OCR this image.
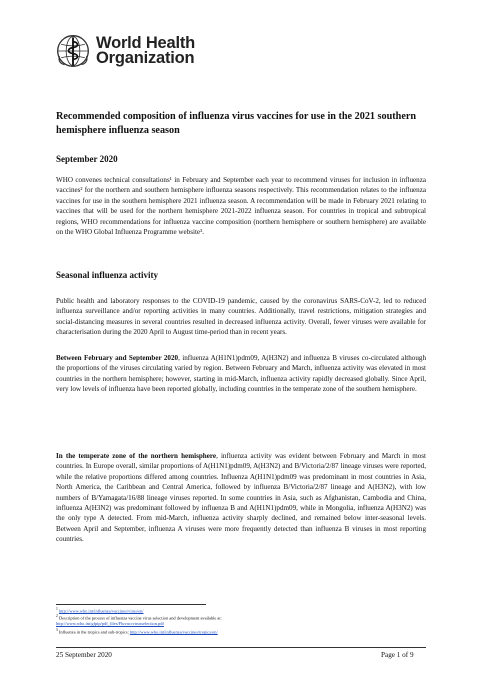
World Health
Organization
Recommended composition of influenza virus vaccines for use in the 2021 southern hemisphere influenza season
September 2020
WHO convenes technical consultations¹ in February and September each year to recommend viruses for inclusion in influenza vaccines² for the northern and southern hemisphere influenza seasons respectively. This recommendation relates to the influenza vaccines for use in the southern hemisphere 2021 influenza season. A recommendation will be made in February 2021 relating to vaccines that will be used for the northern hemisphere 2021-2022 influenza season. For countries in tropical and subtropical regions, WHO recommendations for influenza vaccine composition (northern hemisphere or southern hemisphere) are available on the WHO Global Influenza Programme website³.
Seasonal influenza activity
Public health and laboratory responses to the COVID-19 pandemic, caused by the coronavirus SARS-CoV-2, led to reduced influenza surveillance and/or reporting activities in many countries. Additionally, travel restrictions, mitigation strategies and social-distancing measures in several countries resulted in decreased influenza activity. Overall, fewer viruses were available for characterisation during the 2020 April to August time-period than in recent years.
Between February and September 2020, influenza A(H1N1)pdm09, A(H3N2) and influenza B viruses co-circulated although the proportions of the viruses circulating varied by region. Between February and March, influenza activity was elevated in most countries in the northern hemisphere; however, starting in mid-March, influenza activity rapidly decreased globally. Since April, very low levels of influenza have been reported globally, including countries in the temperate zone of the southern hemisphere.
In the temperate zone of the northern hemisphere, influenza activity was evident between February and March in most countries. In Europe overall, similar proportions of A(H1N1)pdm09, A(H3N2) and B/Victoria/2/87 lineage viruses were reported, while the relative proportions differed among countries. Influenza A(H1N1)pdm09 was predominant in most countries in Asia, North America, the Caribbean and Central America, followed by influenza B/Victoria/2/87 lineage and A(H3N2), with low numbers of B/Yamagata/16/88 lineage viruses reported. In some countries in Asia, such as Afghanistan, Cambodia and China, influenza A(H3N2) was predominant followed by influenza B and A(H1N1)pdm09, while in Mongolia, influenza A(H3N2) was the only type A detected. From mid-March, influenza activity sharply declined, and remained below inter-seasonal levels. Between April and September, influenza A viruses were more frequently detected than influenza B viruses in most reporting countries.
$^1$ http://www.who.int/influenza/vaccines/virus/en/
$^2$ Description of the process of influenza vaccine virus selection and development available at:
http://www.who.int/gfpip/pdf_files/Fluvaccvirusselection.pdf
$^3$ Influenza in the tropics and sub-tropics: http://www.who.int/influenza/vaccines/tropics/en/
25 September 2020	Page 1 of 9
